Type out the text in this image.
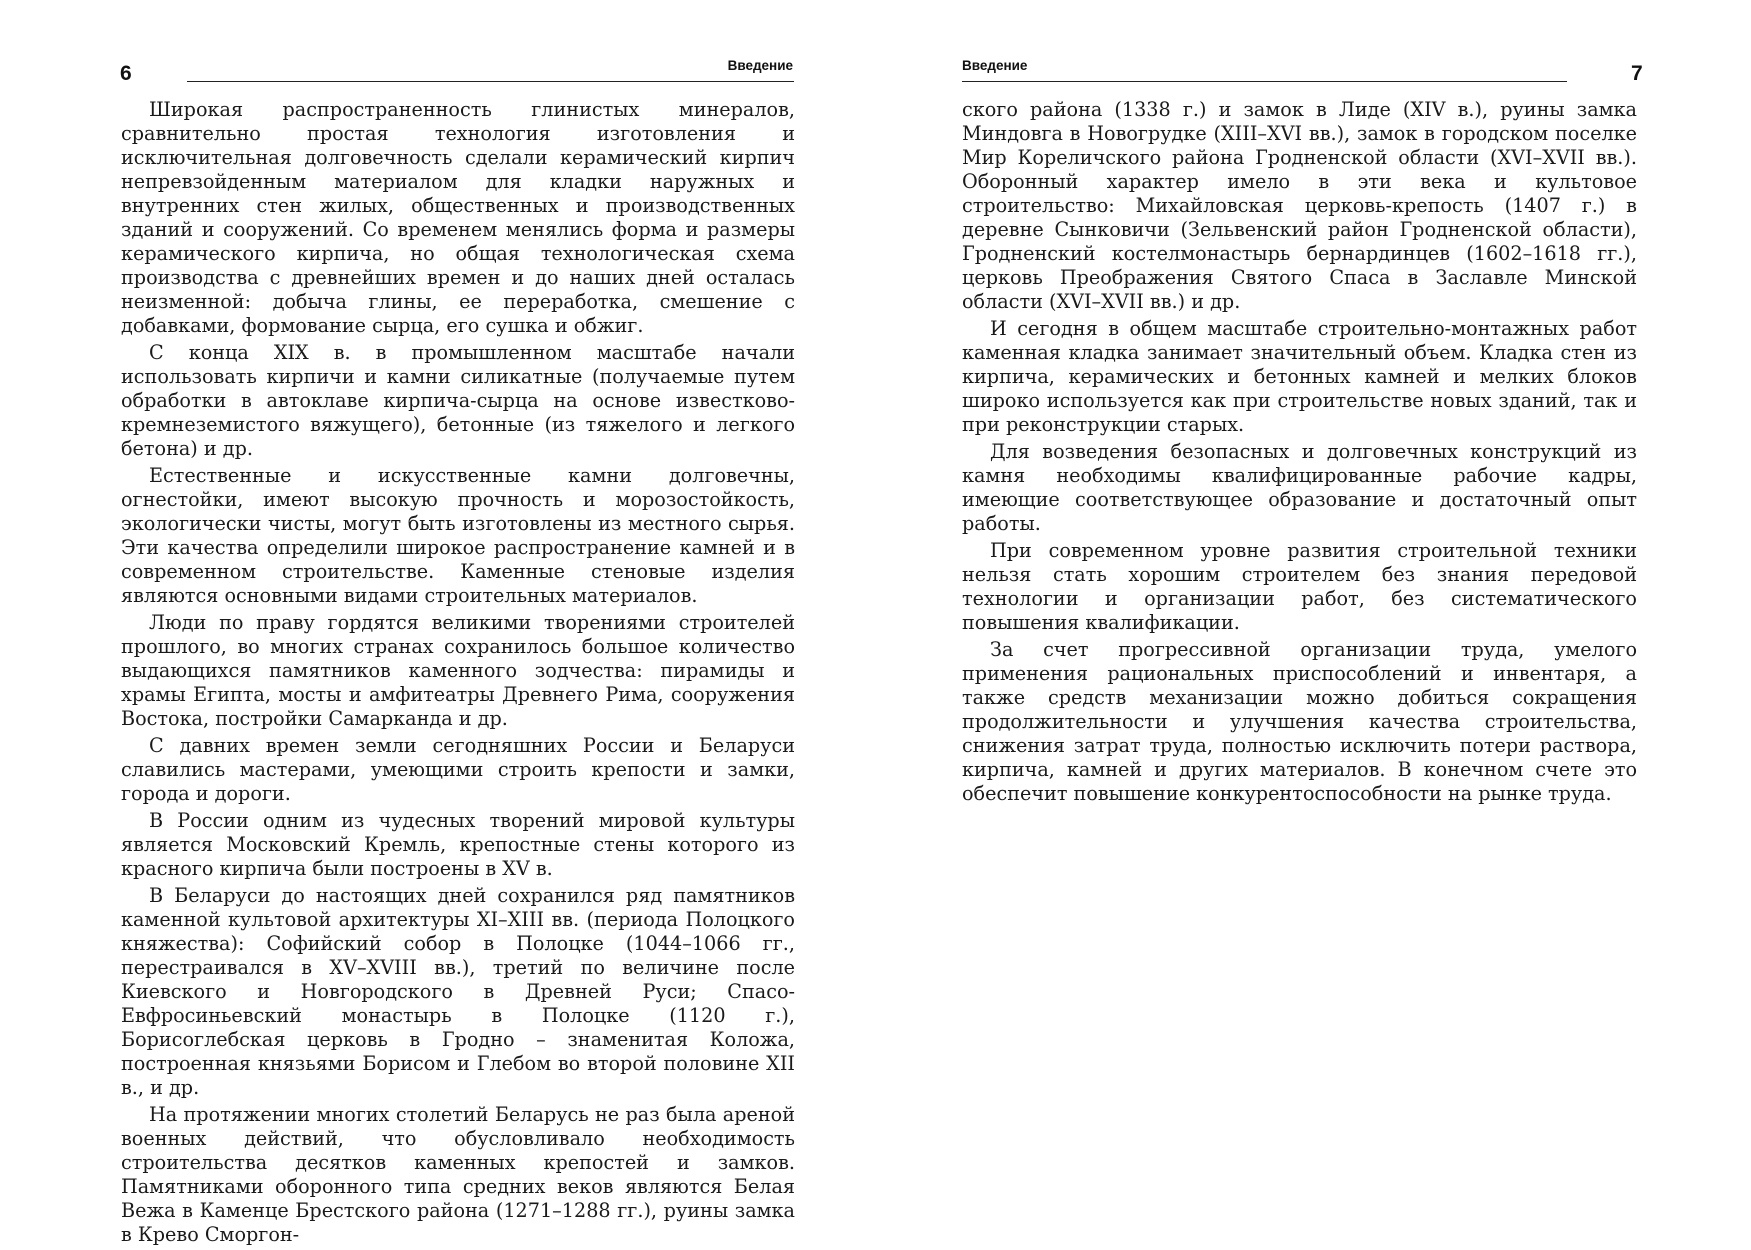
6	Введение

Широкая распространенность глинистых минералов, сравнительно простая технология изготовления и исключительная долговечность сделали керамический кирпич непревзойденным материалом для кладки наружных и внутренних стен жилых, общественных и производственных зданий и сооружений. Со временем менялись форма и размеры керамического кирпича, но общая технологическая схема производства с древнейших времен и до наших дней осталась неизменной: добыча глины, ее переработка, смешение с добавками, формование сырца, его сушка и обжиг.

С конца XIX в. в промышленном масштабе начали использовать кирпичи и камни силикатные (получаемые путем обработки в автоклаве кирпича-сырца на основе известково-кремнеземистого вяжущего), бетонные (из тяжелого и легкого бетона) и др.

Естественные и искусственные камни долговечны, огнестойки, имеют высокую прочность и морозостойкость, экологически чисты, могут быть изготовлены из местного сырья. Эти качества определили широкое распространение камней и в современном строительстве. Каменные стеновые изделия являются основными видами строительных материалов.

Люди по праву гордятся великими творениями строителей прошлого, во многих странах сохранилось большое количество выдающихся памятников каменного зодчества: пирамиды и храмы Египта, мосты и амфитеатры Древнего Рима, сооружения Востока, постройки Самарканда и др.

С давних времен земли сегодняшних России и Беларуси славились мастерами, умеющими строить крепости и замки, города и дороги.

В России одним из чудесных творений мировой культуры является Московский Кремль, крепостные стены которого из красного кирпича были построены в XV в.

В Беларуси до настоящих дней сохранился ряд памятников каменной культовой архитектуры XI–XIII вв. (периода Полоцкого княжества): Софийский собор в Полоцке (1044–1066 гг., перестраивался в XV–XVIII вв.), третий по величине после Киевского и Новгородского в Древней Руси; Спасо-Евфросиньевский монастырь в Полоцке (1120 г.), Борисоглебская церковь в Гродно – знаменитая Коложа, построенная князьями Борисом и Глебом во второй половине XII в., и др.

На протяжении многих столетий Беларусь не раз была ареной военных действий, что обусловливало необходимость строительства десятков каменных крепостей и замков. Памятниками оборонного типа средних веков являются Белая Вежа в Каменце Брестского района (1271–1288 гг.), руины замка в Крево Сморгон-

Введение	7

ского района (1338 г.) и замок в Лиде (XIV в.), руины замка Миндовга в Новогрудке (XIII–XVI вв.), замок в городском поселке Мир Кореличского района Гродненской области (XVI–XVII вв.). Оборонный характер имело в эти века и культовое строительство: Михайловская церковь-крепость (1407 г.) в деревне Сынковичи (Зельвенский район Гродненской области), Гродненский костелмонастырь бернардинцев (1602–1618 гг.), церковь Преображения Святого Спаса в Заславле Минской области (XVI–XVII вв.) и др.

И сегодня в общем масштабе строительно-монтажных работ каменная кладка занимает значительный объем. Кладка стен из кирпича, керамических и бетонных камней и мелких блоков широко используется как при строительстве новых зданий, так и при реконструкции старых.

Для возведения безопасных и долговечных конструкций из камня необходимы квалифицированные рабочие кадры, имеющие соответствующее образование и достаточный опыт работы.

При современном уровне развития строительной техники нельзя стать хорошим строителем без знания передовой технологии и организации работ, без систематического повышения квалификации.

За счет прогрессивной организации труда, умелого применения рациональных приспособлений и инвентаря, а также средств механизации можно добиться сокращения продолжительности и улучшения качества строительства, снижения затрат труда, полностью исключить потери раствора, кирпича, камней и других материалов. В конечном счете это обеспечит повышение конкурентоспособности на рынке труда.
